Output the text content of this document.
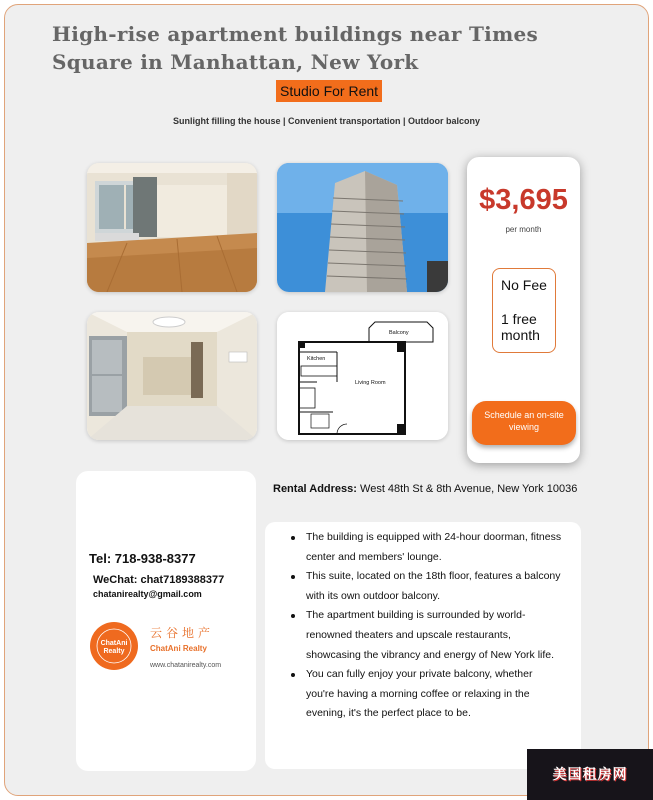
High-rise apartment buildings near Times Square in Manhattan, New York
Studio For Rent
Sunlight filling the house | Convenient transportation | Outdoor balcony
Balcony
Kitchen
Living Room
$3,695
per month
No Fee
1 free month
Schedule an on-site viewing
Tel: 718-938-8377
WeChat: chat7189388377
chatanirealty@gmail.com
ChatAni
Realty
云谷地产
ChatAni Realty
www.chatanirealty.com
Rental Address: West 48th St & 8th Avenue, New York 10036
The building is equipped with 24-hour doorman, fitness center and members' lounge.
This suite, located on the 18th floor, features a balcony with its own outdoor balcony.
The apartment building is surrounded by world-renowned theaters and upscale restaurants, showcasing the vibrancy and energy of New York life.
You can fully enjoy your private balcony, whether you're having a morning coffee or relaxing in the evening, it's the perfect place to be.
美国租房网
